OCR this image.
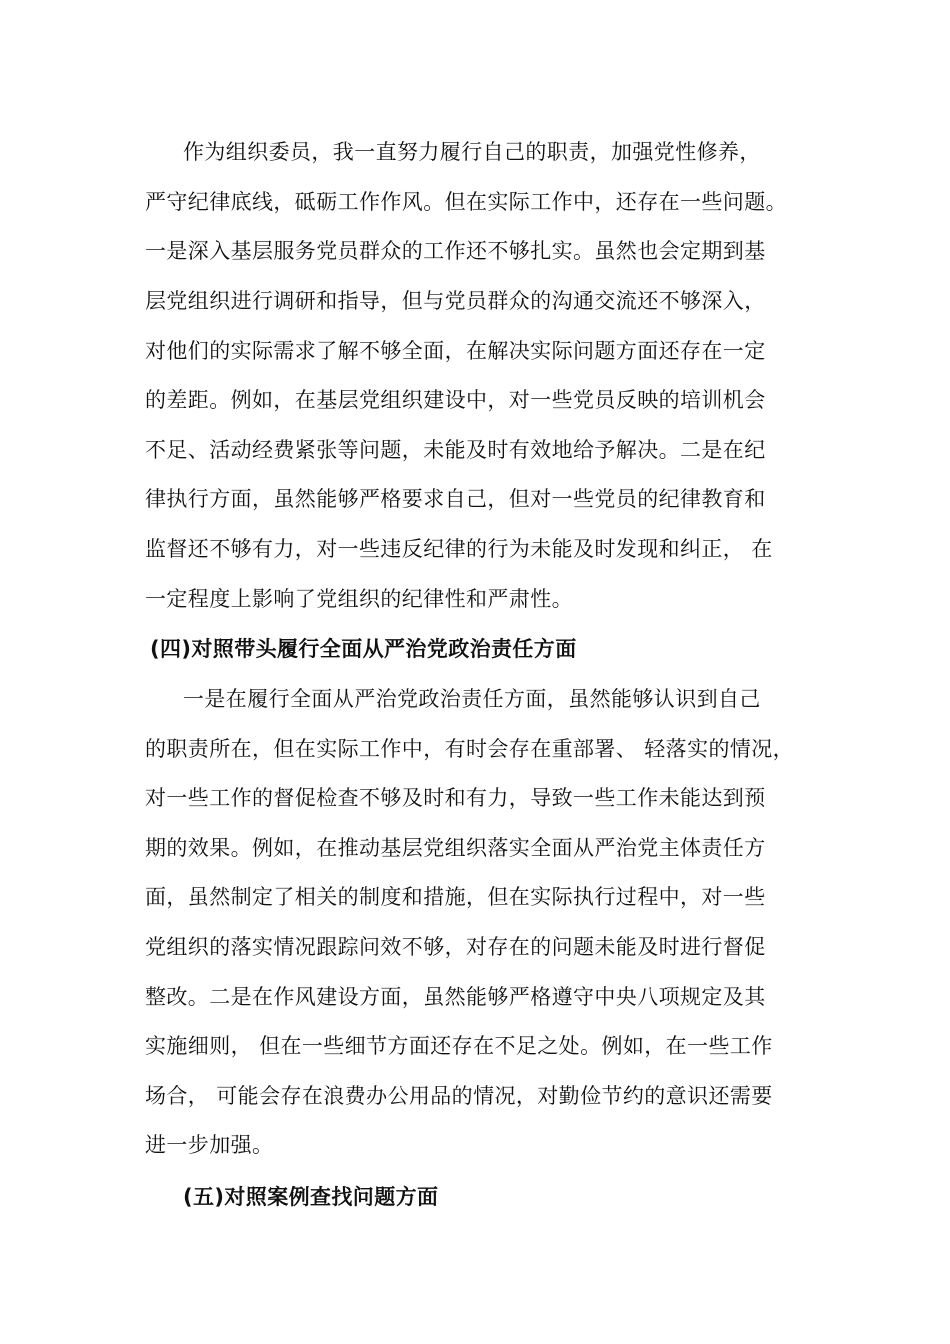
作为组织委员，我一直努力履行自己的职责，加强党性修养，
严守纪律底线，砥砺工作作风。但在实际工作中，还存在一些问题。
一是深入基层服务党员群众的工作还不够扎实。虽然也会定期到基
层党组织进行调研和指导，但与党员群众的沟通交流还不够深入，
对他们的实际需求了解不够全面，在解决实际问题方面还存在一定
的差距。例如，在基层党组织建设中，对一些党员反映的培训机会
不足、活动经费紧张等问题，未能及时有效地给予解决。二是在纪
律执行方面，虽然能够严格要求自己，但对一些党员的纪律教育和
监督还不够有力，对一些违反纪律的行为未能及时发现和纠正， 在
一定程度上影响了党组织的纪律性和严肃性。
(四)对照带头履行全面从严治党政治责任方面
一是在履行全面从严治党政治责任方面，虽然能够认识到自己
的职责所在，但在实际工作中，有时会存在重部署、 轻落实的情况，
对一些工作的督促检查不够及时和有力，导致一些工作未能达到预
期的效果。例如，在推动基层党组织落实全面从严治党主体责任方
面，虽然制定了相关的制度和措施，但在实际执行过程中，对一些
党组织的落实情况跟踪问效不够，对存在的问题未能及时进行督促
整改。二是在作风建设方面，虽然能够严格遵守中央八项规定及其
实施细则， 但在一些细节方面还存在不足之处。例如，在一些工作
场合， 可能会存在浪费办公用品的情况，对勤俭节约的意识还需要
进一步加强。
(五)对照案例查找问题方面
